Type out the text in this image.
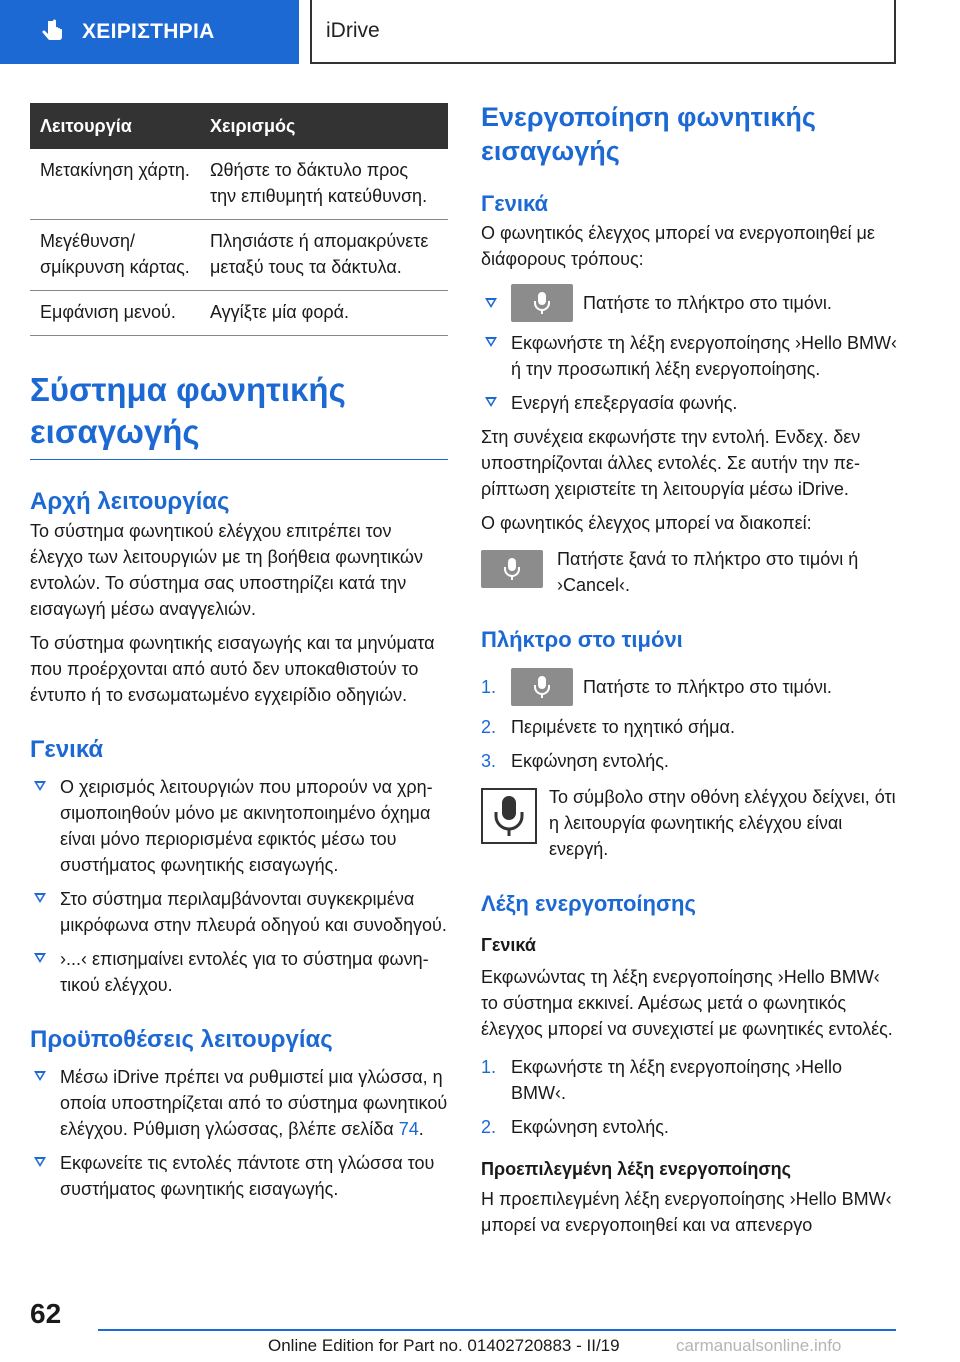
ΧΕΙΡΙΣΤΗΡΙΑ	iDrive
Λειτουργία	Χειρισμός
Μετακίνηση χάρτη.	Ωθήστε το δάκτυλο προς την επιθυμητή κατεύθυνση.
Μεγέθυνση/ σμίκρυνση κάρτας.	Πλησιάστε ή απομακρύνετε μεταξύ τους τα δάκτυλα.
Εμφάνιση μενού.	Αγγίξτε μία φορά.
Σύστημα φωνητικής εισαγωγής
Αρχή λειτουργίας
Το σύστημα φωνητικού ελέγχου επιτρέπει τον έλεγχο των λειτουργιών με τη βοήθεια φωνητικών εντολών. Το σύστημα σας υποστηρίζει κατά την εισαγωγή μέσω αναγγελιών.
Το σύστημα φωνητικής εισαγωγής και τα μηνύματα που προέρχονται από αυτό δεν υποκαθιστούν το έντυπο ή το ενσωματωμένο εγχειρίδιο οδηγιών.
Γενικά
Ο χειρισμός λειτουργιών που μπορούν να χρησιμοποιηθούν μόνο με ακινητοποιημένο όχημα είναι μόνο περιορισμένα εφικτός μέσω του συστήματος φωνητικής εισαγωγής.
Στο σύστημα περιλαμβάνονται συγκεκριμένα μικρόφωνα στην πλευρά οδηγού και συνοδηγού.
›...‹ επισημαίνει εντολές για το σύστημα φωνητικού ελέγχου.
Προϋποθέσεις λειτουργίας
Μέσω iDrive πρέπει να ρυθμιστεί μια γλώσσα, η οποία υποστηρίζεται από το σύστημα φωνητικού ελέγχου. Ρύθμιση γλώσσας, βλέπε σελίδα 74.
Εκφωνείτε τις εντολές πάντοτε στη γλώσσα του συστήματος φωνητικής εισαγωγής.
Ενεργοποίηση φωνητικής εισαγωγής
Γενικά
Ο φωνητικός έλεγχος μπορεί να ενεργοποιηθεί με διάφορους τρόπους:
Πατήστε το πλήκτρο στο τιμόνι.
Εκφωνήστε τη λέξη ενεργοποίησης ›Hello BMW‹ ή την προσωπική λέξη ενεργοποίησης.
Ενεργή επεξεργασία φωνής.
Στη συνέχεια εκφωνήστε την εντολή. Ενδεχ. δεν υποστηρίζονται άλλες εντολές. Σε αυτήν την περίπτωση χειριστείτε τη λειτουργία μέσω iDrive.
Ο φωνητικός έλεγχος μπορεί να διακοπεί:
Πατήστε ξανά το πλήκτρο στο τιμόνι ή ›Cancel‹.
Πλήκτρο στο τιμόνι
1.	Πατήστε το πλήκτρο στο τιμόνι.
2. Περιμένετε το ηχητικό σήμα.
3. Εκφώνηση εντολής.
Το σύμβολο στην οθόνη ελέγχου δείχνει, ότι η λειτουργία φωνητικής ελέγχου είναι ενεργή.
Λέξη ενεργοποίησης
Γενικά
Εκφωνώντας τη λέξη ενεργοποίησης ›Hello BMW‹ το σύστημα εκκινεί. Αμέσως μετά ο φωνητικός έλεγχος μπορεί να συνεχιστεί με φωνητικές εντολές.
1. Εκφωνήστε τη λέξη ενεργοποίησης ›Hello BMW‹.
2. Εκφώνηση εντολής.
Προεπιλεγμένη λέξη ενεργοποίησης
Η προεπιλεγμένη λέξη ενεργοποίησης ›Hello BMW‹ μπορεί να ενεργοποιηθεί και να απενεργο
62
Online Edition for Part no. 01402720883 - II/19	carmanualsonline.info
